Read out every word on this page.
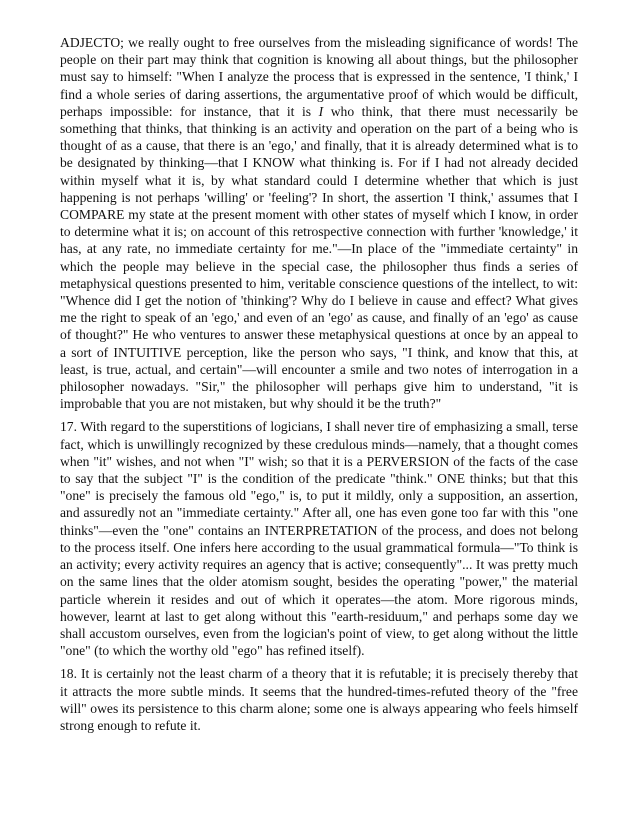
ADJECTO; we really ought to free ourselves from the misleading significance of words! The people on their part may think that cognition is knowing all about things, but the philosopher must say to himself: "When I analyze the process that is expressed in the sentence, 'I think,' I find a whole series of daring assertions, the argumentative proof of which would be difficult, perhaps impossible: for instance, that it is I who think, that there must necessarily be something that thinks, that thinking is an activity and operation on the part of a being who is thought of as a cause, that there is an 'ego,' and finally, that it is already determined what is to be designated by thinking—that I KNOW what thinking is. For if I had not already decided within myself what it is, by what standard could I determine whether that which is just happening is not perhaps 'willing' or 'feeling'? In short, the assertion 'I think,' assumes that I COMPARE my state at the present moment with other states of myself which I know, in order to determine what it is; on account of this retrospective connection with further 'knowledge,' it has, at any rate, no immediate certainty for me."—In place of the "immediate certainty" in which the people may believe in the special case, the philosopher thus finds a series of metaphysical questions presented to him, veritable conscience questions of the intellect, to wit: "Whence did I get the notion of 'thinking'? Why do I believe in cause and effect? What gives me the right to speak of an 'ego,' and even of an 'ego' as cause, and finally of an 'ego' as cause of thought?" He who ventures to answer these metaphysical questions at once by an appeal to a sort of INTUITIVE perception, like the person who says, "I think, and know that this, at least, is true, actual, and certain"—will encounter a smile and two notes of interrogation in a philosopher nowadays. "Sir," the philosopher will perhaps give him to understand, "it is improbable that you are not mistaken, but why should it be the truth?"

17. With regard to the superstitions of logicians, I shall never tire of emphasizing a small, terse fact, which is unwillingly recognized by these credulous minds—namely, that a thought comes when "it" wishes, and not when "I" wish; so that it is a PERVERSION of the facts of the case to say that the subject "I" is the condition of the predicate "think." ONE thinks; but that this "one" is precisely the famous old "ego," is, to put it mildly, only a supposition, an assertion, and assuredly not an "immediate certainty." After all, one has even gone too far with this "one thinks"—even the "one" contains an INTERPRETATION of the process, and does not belong to the process itself. One infers here according to the usual grammatical formula—"To think is an activity; every activity requires an agency that is active; consequently"... It was pretty much on the same lines that the older atomism sought, besides the operating "power," the material particle wherein it resides and out of which it operates—the atom. More rigorous minds, however, learnt at last to get along without this "earth-residuum," and perhaps some day we shall accustom ourselves, even from the logician's point of view, to get along without the little "one" (to which the worthy old "ego" has refined itself).

18. It is certainly not the least charm of a theory that it is refutable; it is precisely thereby that it attracts the more subtle minds. It seems that the hundred-times-refuted theory of the "free will" owes its persistence to this charm alone; some one is always appearing who feels himself strong enough to refute it.
